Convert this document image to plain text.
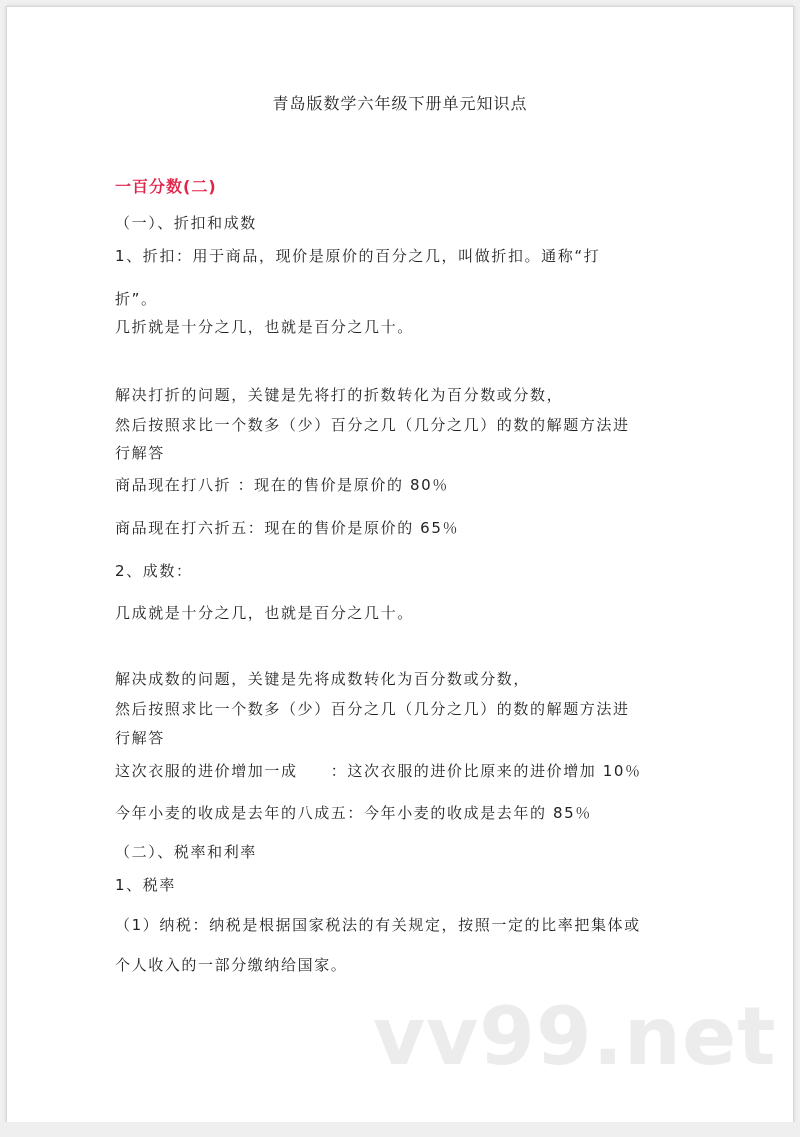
青岛版数学六年级下册单元知识点
一百分数(二)
（一）、折扣和成数
1、折扣：用于商品，现价是原价的百分之几，叫做折扣。通称“打
折”。
几折就是十分之几，也就是百分之几十。
解决打折的问题，关键是先将打的折数转化为百分数或分数，
然后按照求比一个数多（少）百分之几（几分之几）的数的解题方法进
行解答
商品现在打八折 ：现在的售价是原价的 80％
商品现在打六折五：现在的售价是原价的 65％
2、成数：
几成就是十分之几，也就是百分之几十。
解决成数的问题，关键是先将成数转化为百分数或分数，
然后按照求比一个数多（少）百分之几（几分之几）的数的解题方法进
行解答
这次衣服的进价增加一成　　：这次衣服的进价比原来的进价增加 10％
今年小麦的收成是去年的八成五：今年小麦的收成是去年的 85％
（二）、税率和利率
1、税率
（1）纳税：纳税是根据国家税法的有关规定，按照一定的比率把集体或
个人收入的一部分缴纳给国家。
vv99.net
